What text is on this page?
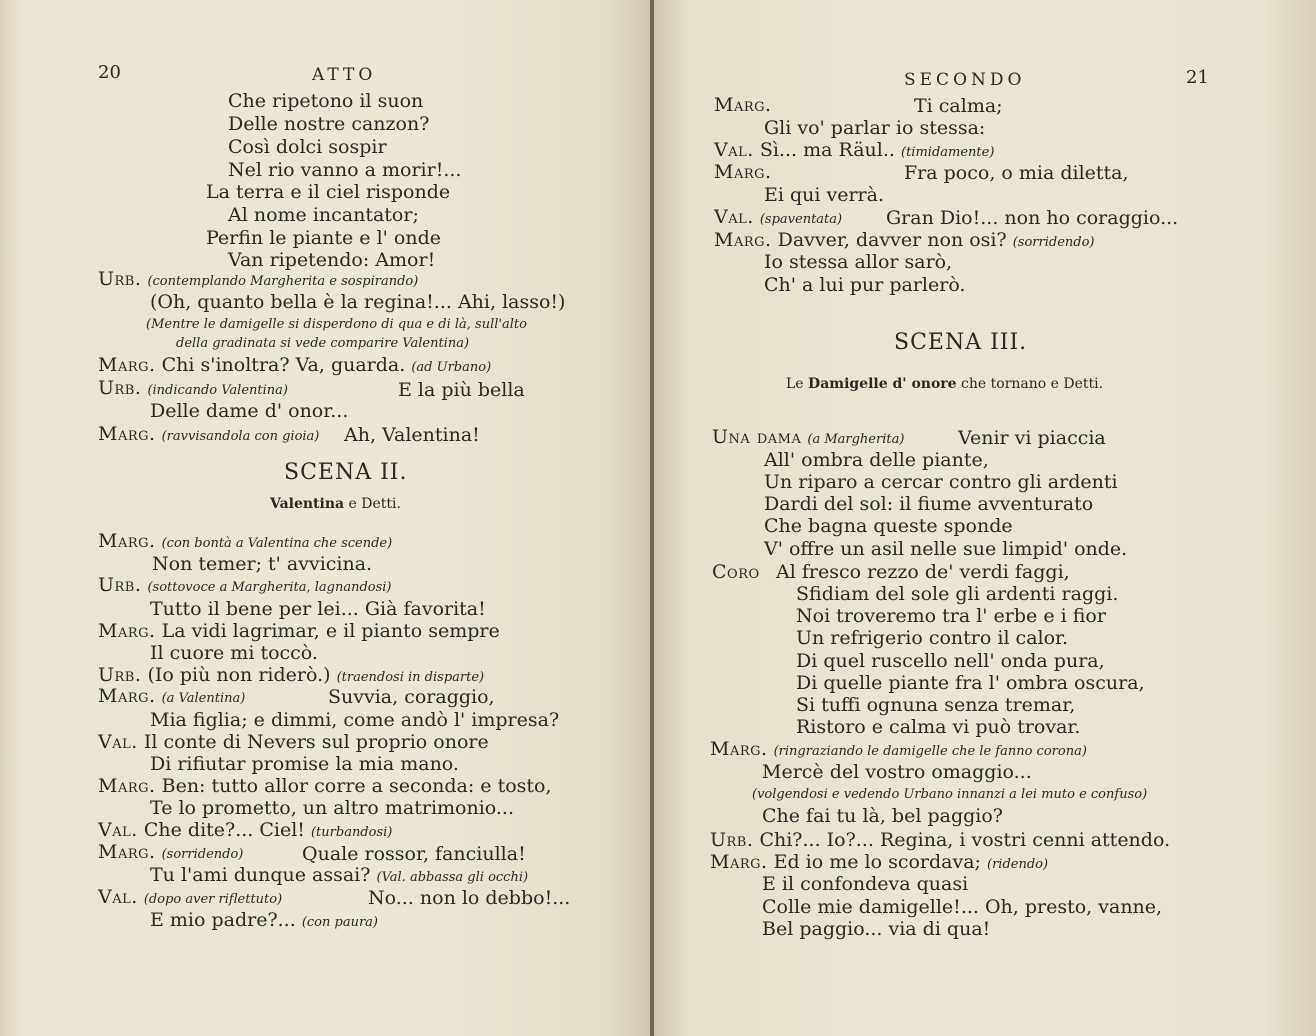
20	ATTO
Che ripetono il suon
Delle nostre canzon?
Così dolci sospir
Nel rio vanno a morir!...
La terra e il ciel risponde
Al nome incantator;
Perfin le piante e l' onde
Van ripetendo: Amor!
Urb. (contemplando Margherita e sospirando)
(Oh, quanto bella è la regina!... Ahi, lasso!)
(Mentre le damigelle si disperdono di qua e di là, sull'alto
della gradinata si vede comparire Valentina)
Marg. Chi s'inoltra? Va, guarda. (ad Urbano)
Urb. (indicando Valentina)	E la più bella
Delle dame d' onor...
Marg. (ravvisandola con gioia) Ah, Valentina!
SCENA II.
Valentina e Detti.
Marg. (con bontà a Valentina che scende)
Non temer; t' avvicina.
Urb. (sottovoce a Margherita, lagnandosi)
Tutto il bene per lei... Già favorita!
Marg. La vidi lagrimar, e il pianto sempre
Il cuore mi toccò.
Urb. (Io più non riderò.) (traendosi in disparte)
Marg. (a Valentina)	Suvvia, coraggio,
Mia figlia; e dimmi, come andò l' impresa?
Val. Il conte di Nevers sul proprio onore
Di rifiutar promise la mia mano.
Marg. Ben: tutto allor corre a seconda: e tosto,
Te lo prometto, un altro matrimonio...
Val. Che dite?... Ciel! (turbandosi)
Marg. (sorridendo)	Quale rossor, fanciulla!
Tu l'ami dunque assai? (Val. abbassa gli occhi)
Val. (dopo aver riflettuto)	No... non lo debbo!...
E mio padre?... (con paura)
SECONDO	21
Marg.	Ti calma;
Gli vo' parlar io stessa:
Val. Sì... ma Räul.. (timidamente)
Marg.	Fra poco, o mia diletta,
Ei qui verrà.
Val. (spaventata) Gran Dio!... non ho coraggio...
Marg. Davver, davver non osi? (sorridendo)
Io stessa allor sarò,
Ch' a lui pur parlerò.
SCENA III.
Le Damigelle d' onore che tornano e Detti.
Una dama (a Margherita)	Venir vi piaccia
All' ombra delle piante,
Un riparo a cercar contro gli ardenti
Dardi del sol: il fiume avventurato
Che bagna queste sponde
V' offre un asil nelle sue limpid' onde.
Coro Al fresco rezzo de' verdi faggi,
Sfidiam del sole gli ardenti raggi.
Noi troveremo tra l' erbe e i fior
Un refrigerio contro il calor.
Di quel ruscello nell' onda pura,
Di quelle piante fra l' ombra oscura,
Si tuffi ognuna senza tremar,
Ristoro e calma vi può trovar.
Marg. (ringraziando le damigelle che le fanno corona)
Mercè del vostro omaggio...
(volgendosi e vedendo Urbano innanzi a lei muto e confuso)
Che fai tu là, bel paggio?
Urb. Chi?... Io?... Regina, i vostri cenni attendo.
Marg. Ed io me lo scordava; (ridendo)
E il confondeva quasi
Colle mie damigelle!... Oh, presto, vanne,
Bel paggio... via di qua!
